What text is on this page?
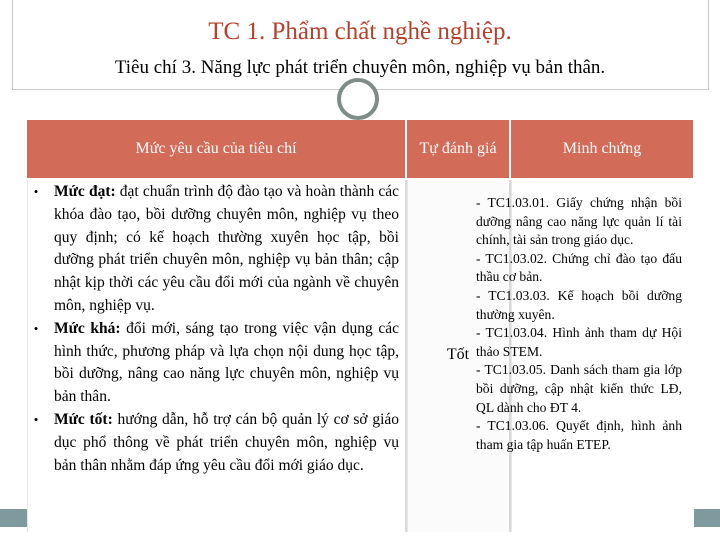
TC 1. Phẩm chất nghề nghiệp.
Tiêu chí 3. Năng lực phát triển chuyên môn, nghiệp vụ bản thân.
Mức yêu cầu của tiêu chí	Tự đánh giá	Minh chứng
• Mức đạt: đạt chuẩn trình độ đào tạo và hoàn thành các khóa đào tạo, bồi dưỡng chuyên môn, nghiệp vụ theo quy định; có kế hoạch thường xuyên học tập, bồi dưỡng phát triển chuyên môn, nghiệp vụ bản thân; cập nhật kịp thời các yêu cầu đổi mới của ngành về chuyên môn, nghiệp vụ.
• Mức khá: đổi mới, sáng tạo trong việc vận dụng các hình thức, phương pháp và lựa chọn nội dung học tập, bồi dưỡng, nâng cao năng lực chuyên môn, nghiệp vụ bản thân.
• Mức tốt: hướng dẫn, hỗ trợ cán bộ quản lý cơ sở giáo dục phổ thông về phát triển chuyên môn, nghiệp vụ bản thân nhằm đáp ứng yêu cầu đổi mới giáo dục.
Tốt
- TC1.03.01. Giấy chứng nhận bồi dưỡng nâng cao năng lực quản lí tài chính, tài sản trong giáo dục.
- TC1.03.02. Chứng chỉ đào tạo đấu thầu cơ bản.
- TC1.03.03. Kế hoạch bồi dưỡng thường xuyên.
- TC1.03.04. Hình ảnh tham dự Hội thảo STEM.
- TC1.03.05. Danh sách tham gia lớp bồi dưỡng, cập nhật kiến thức LĐ, QL dành cho ĐT 4.
- TC1.03.06. Quyết định, hình ảnh tham gia tập huấn ETEP.
